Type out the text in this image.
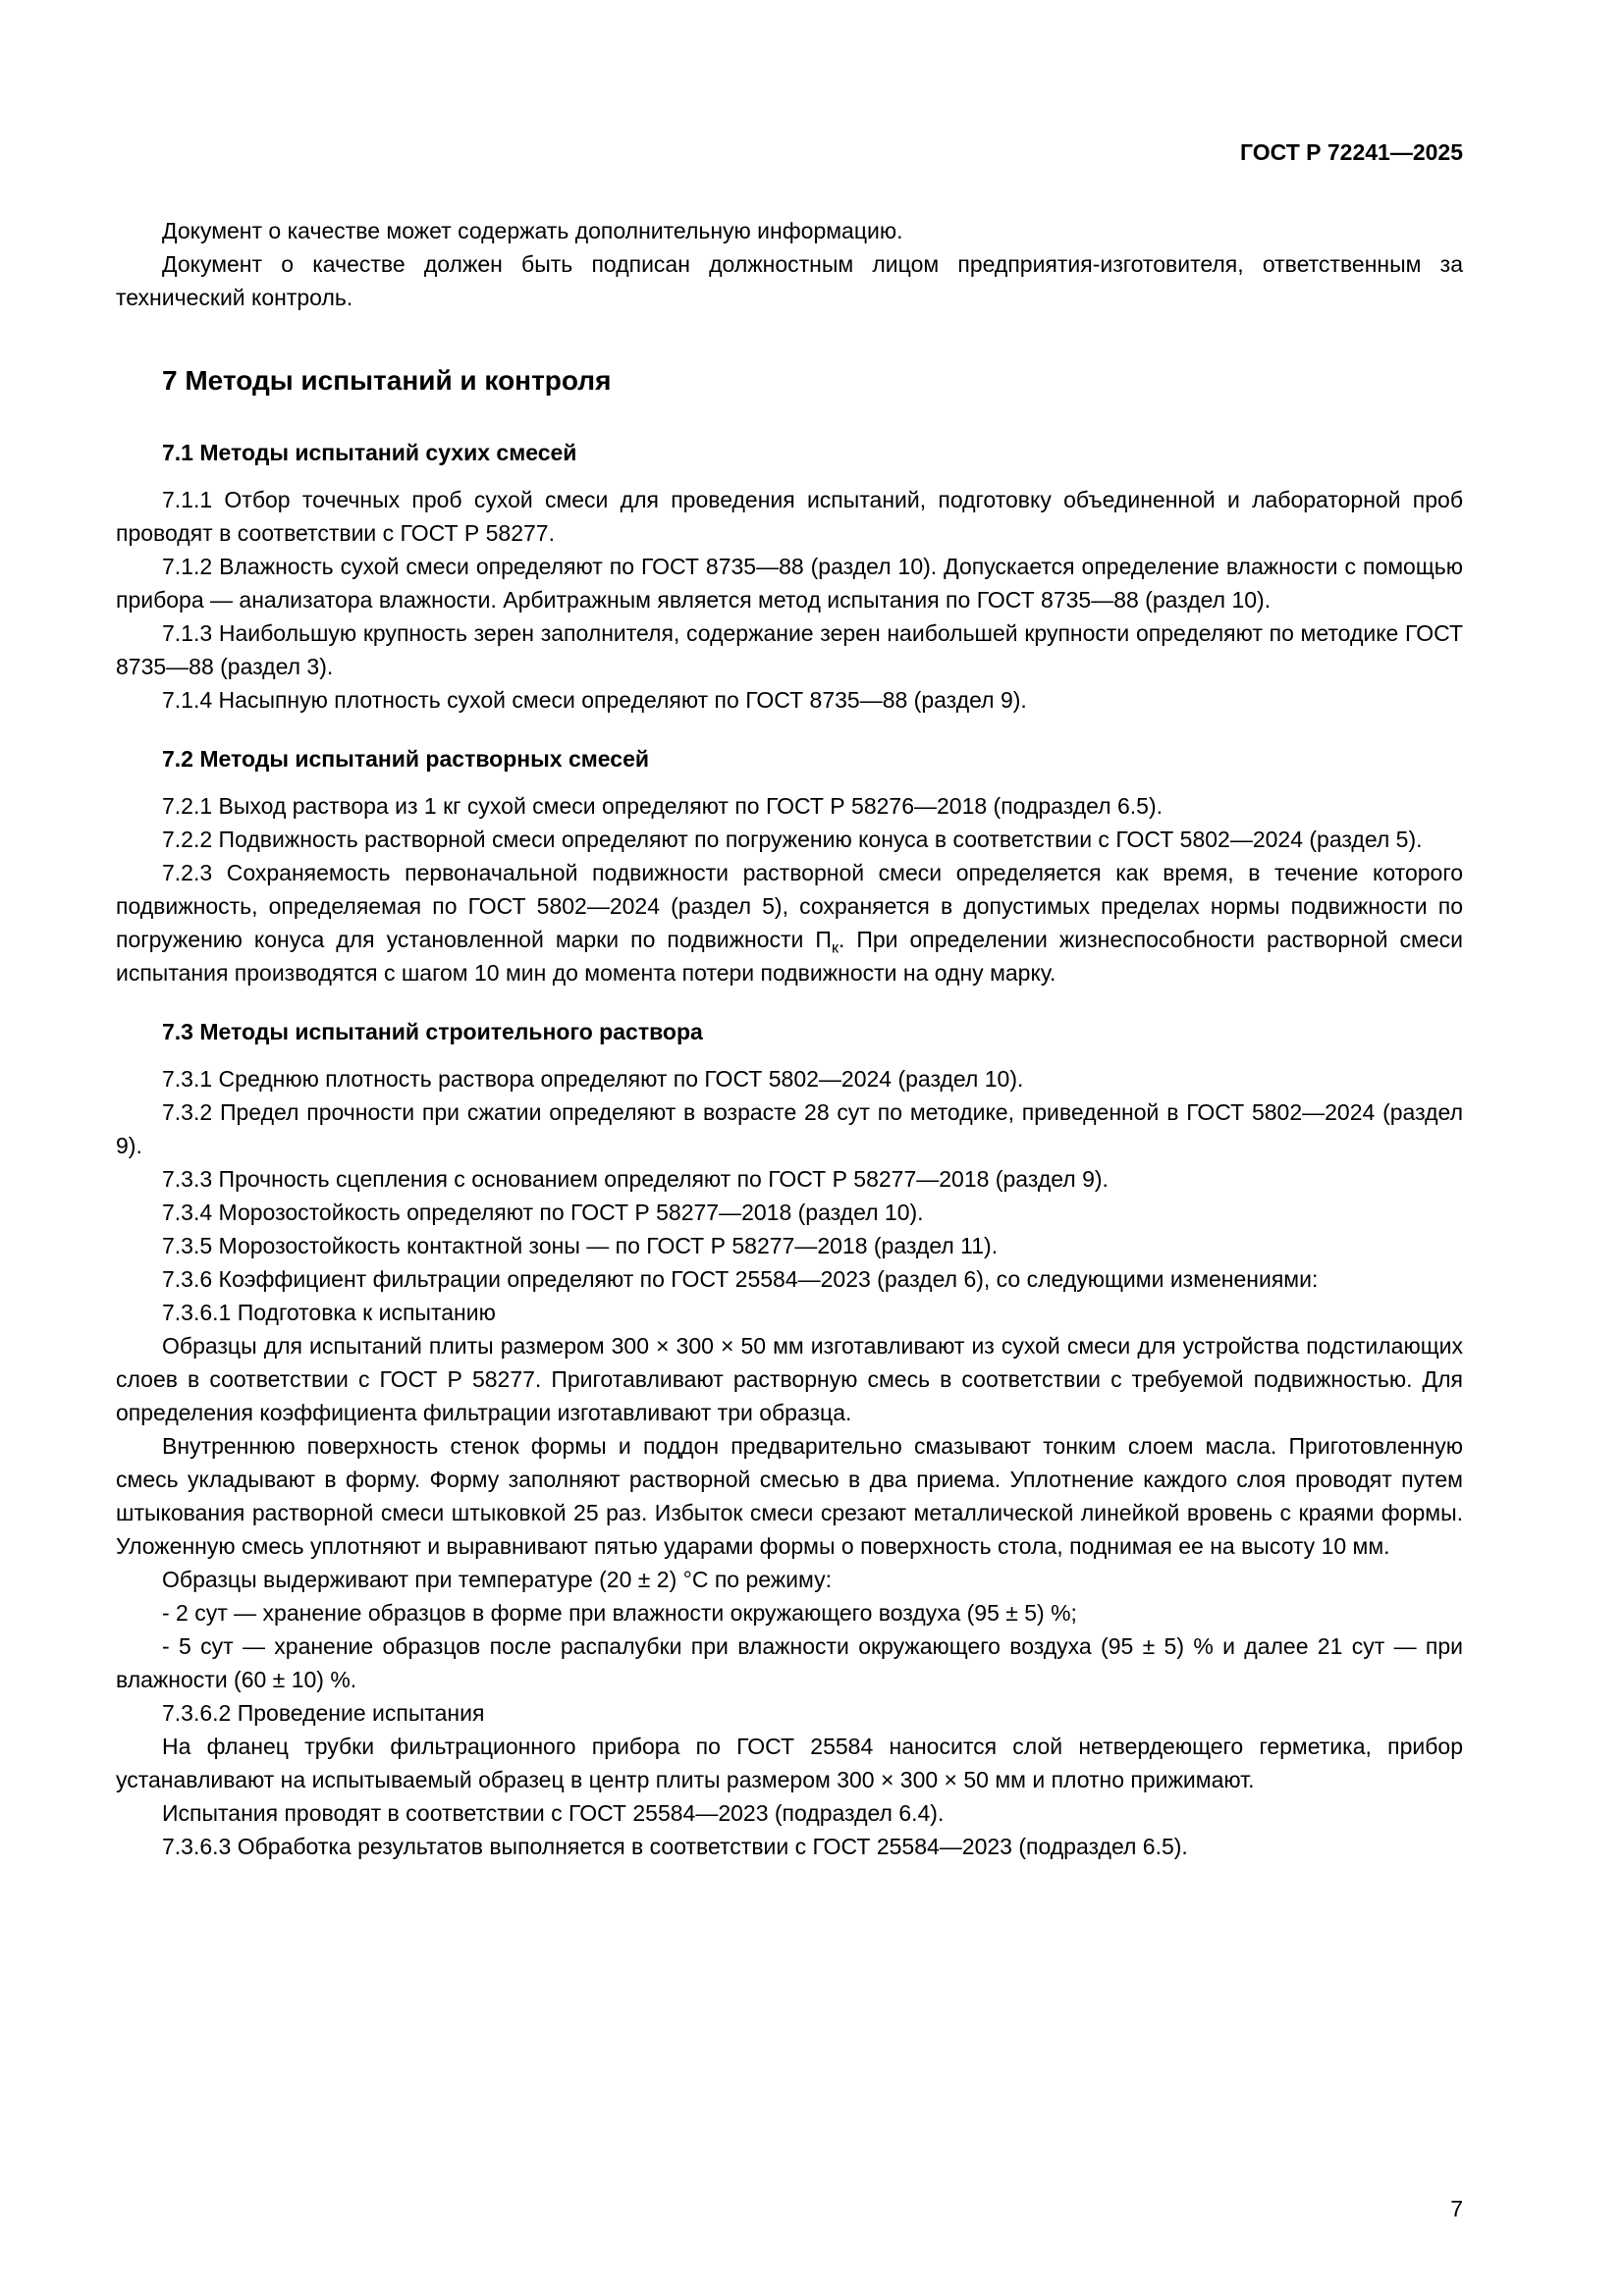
ГОСТ Р 72241—2025
Документ о качестве может содержать дополнительную информацию.
Документ о качестве должен быть подписан должностным лицом предприятия-изготовителя, ответственным за технический контроль.
7 Методы испытаний и контроля
7.1 Методы испытаний сухих смесей
7.1.1 Отбор точечных проб сухой смеси для проведения испытаний, подготовку объединенной и лабораторной проб проводят в соответствии с ГОСТ Р 58277.
7.1.2 Влажность сухой смеси определяют по ГОСТ 8735—88 (раздел 10). Допускается определение влажности с помощью прибора — анализатора влажности. Арбитражным является метод испытания по ГОСТ 8735—88 (раздел 10).
7.1.3 Наибольшую крупность зерен заполнителя, содержание зерен наибольшей крупности определяют по методике ГОСТ 8735—88 (раздел 3).
7.1.4 Насыпную плотность сухой смеси определяют по ГОСТ 8735—88 (раздел 9).
7.2 Методы испытаний растворных смесей
7.2.1 Выход раствора из 1 кг сухой смеси определяют по ГОСТ Р 58276—2018 (подраздел 6.5).
7.2.2 Подвижность растворной смеси определяют по погружению конуса в соответствии с ГОСТ 5802—2024 (раздел 5).
7.2.3 Сохраняемость первоначальной подвижности растворной смеси определяется как время, в течение которого подвижность, определяемая по ГОСТ 5802—2024 (раздел 5), сохраняется в допустимых пределах нормы подвижности по погружению конуса для установленной марки по подвижности $П_к$. При определении жизнеспособности растворной смеси испытания производятся с шагом 10 мин до момента потери подвижности на одну марку.
7.3 Методы испытаний строительного раствора
7.3.1 Среднюю плотность раствора определяют по ГОСТ 5802—2024 (раздел 10).
7.3.2 Предел прочности при сжатии определяют в возрасте 28 сут по методике, приведенной в ГОСТ 5802—2024 (раздел 9).
7.3.3 Прочность сцепления с основанием определяют по ГОСТ Р 58277—2018 (раздел 9).
7.3.4 Морозостойкость определяют по ГОСТ Р 58277—2018 (раздел 10).
7.3.5 Морозостойкость контактной зоны — по ГОСТ Р 58277—2018 (раздел 11).
7.3.6 Коэффициент фильтрации определяют по ГОСТ 25584—2023 (раздел 6), со следующими изменениями:
7.3.6.1 Подготовка к испытанию
Образцы для испытаний плиты размером 300 × 300 × 50 мм изготавливают из сухой смеси для устройства подстилающих слоев в соответствии с ГОСТ Р 58277. Приготавливают растворную смесь в соответствии с требуемой подвижностью. Для определения коэффициента фильтрации изготавливают три образца.
Внутреннюю поверхность стенок формы и поддон предварительно смазывают тонким слоем масла. Приготовленную смесь укладывают в форму. Форму заполняют растворной смесью в два приема. Уплотнение каждого слоя проводят путем штыкования растворной смеси штыковкой 25 раз. Избыток смеси срезают металлической линейкой вровень с краями формы. Уложенную смесь уплотняют и выравнивают пятью ударами формы о поверхность стола, поднимая ее на высоту 10 мм.
Образцы выдерживают при температуре (20 ± 2) °С по режиму:
- 2 сут — хранение образцов в форме при влажности окружающего воздуха (95 ± 5) %;
- 5 сут — хранение образцов после распалубки при влажности окружающего воздуха (95 ± 5) % и далее 21 сут — при влажности (60 ± 10) %.
7.3.6.2 Проведение испытания
На фланец трубки фильтрационного прибора по ГОСТ 25584 наносится слой нетвердеющего герметика, прибор устанавливают на испытываемый образец в центр плиты размером 300 × 300 × 50 мм и плотно прижимают.
Испытания проводят в соответствии с ГОСТ 25584—2023 (подраздел 6.4).
7.3.6.3 Обработка результатов выполняется в соответствии с ГОСТ 25584—2023 (подраздел 6.5).
7
